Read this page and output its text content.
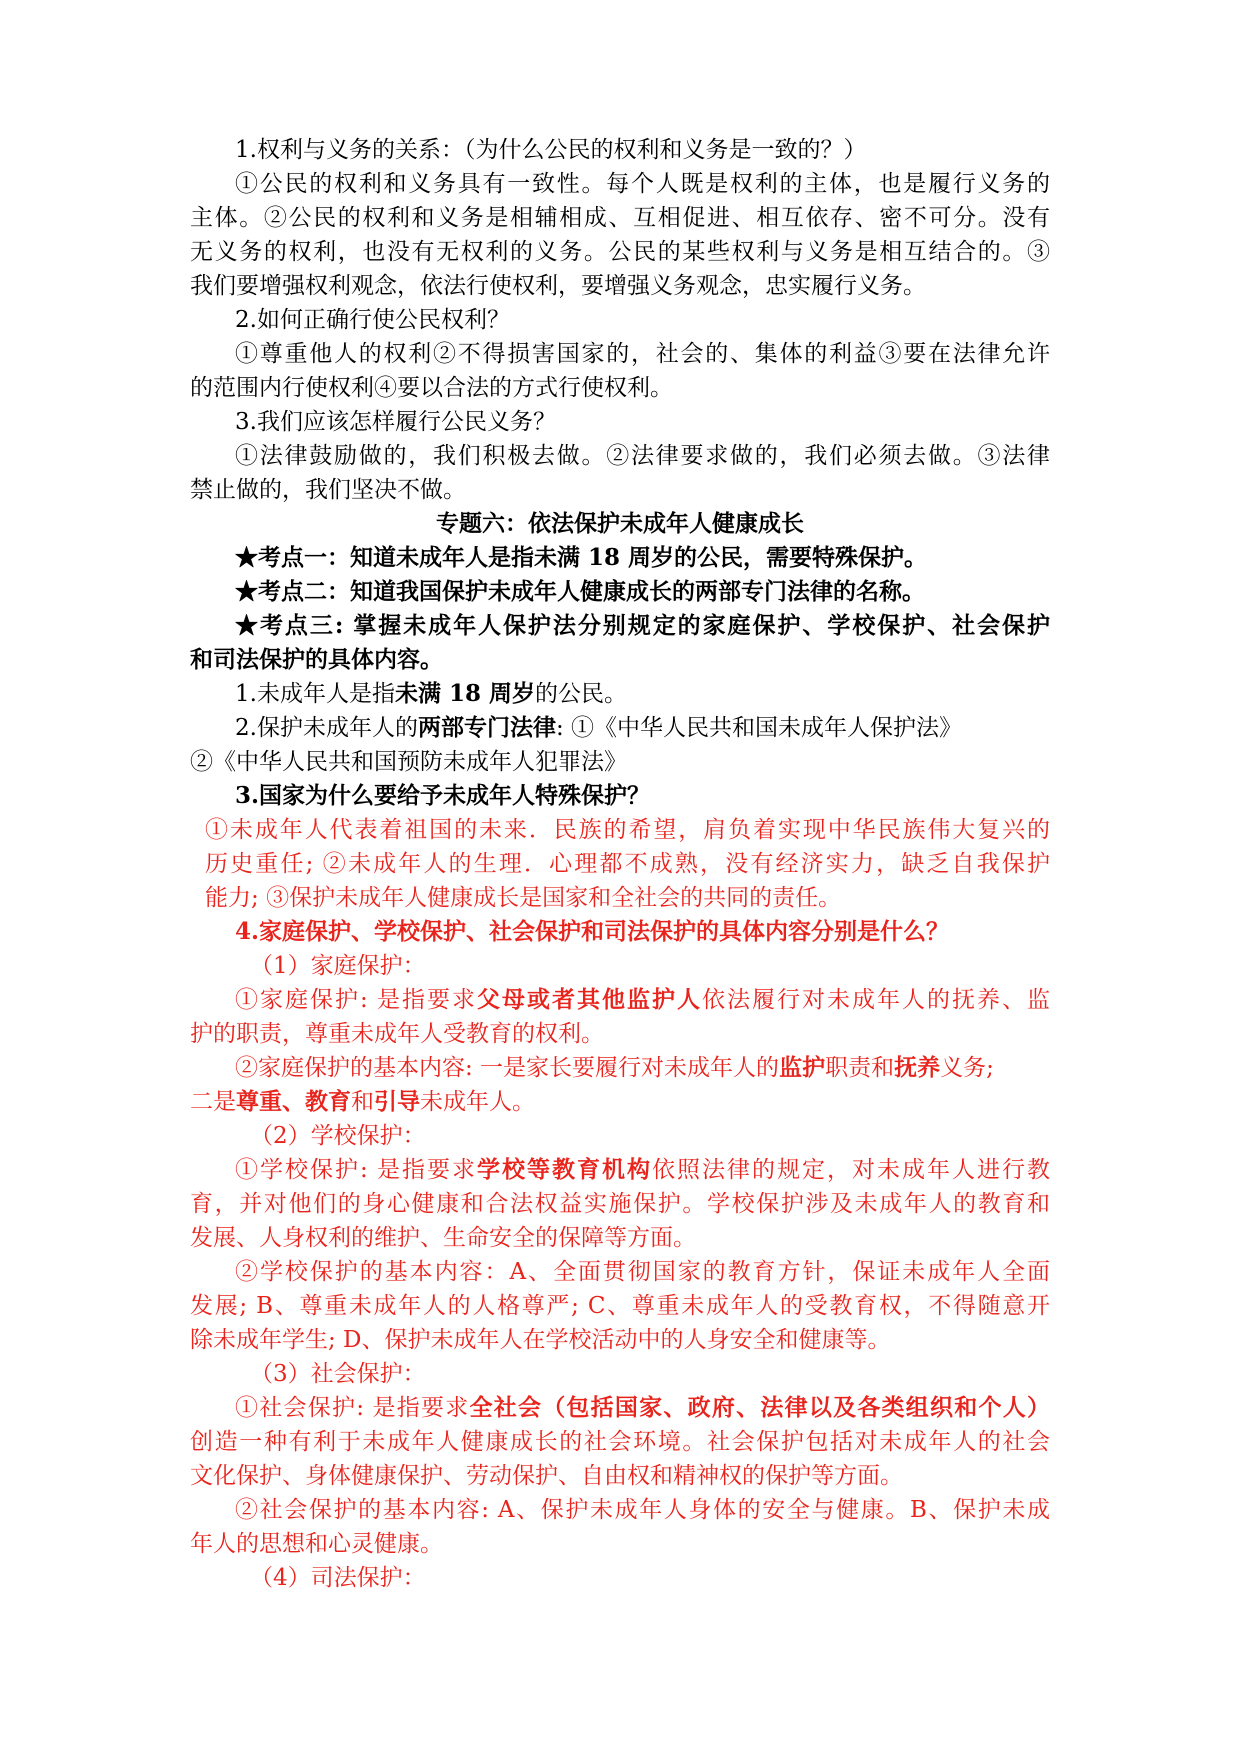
1.权利与义务的关系：（为什么公民的权利和义务是一致的？）
①公民的权利和义务具有一致性。每个人既是权利的主体，也是履行义务的
主体。②公民的权利和义务是相辅相成、互相促进、相互依存、密不可分。没有
无义务的权利，也没有无权利的义务。公民的某些权利与义务是相互结合的。③
我们要增强权利观念，依法行使权利，要增强义务观念，忠实履行义务。
2.如何正确行使公民权利？
①尊重他人的权利②不得损害国家的，社会的、集体的利益③要在法律允许
的范围内行使权利④要以合法的方式行使权利。
3.我们应该怎样履行公民义务？
①法律鼓励做的，我们积极去做。②法律要求做的，我们必须去做。③法律
禁止做的，我们坚决不做。
专题六：依法保护未成年人健康成长
★考点一：知道未成年人是指未满 18 周岁的公民，需要特殊保护。
★考点二：知道我国保护未成年人健康成长的两部专门法律的名称。
★考点三: 掌握未成年人保护法分别规定的家庭保护、学校保护、社会保护
和司法保护的具体内容。
1.未成年人是指未满 18 周岁的公民。
2.保护未成年人的两部专门法律: ①《中华人民共和国未成年人保护法》
②《中华人民共和国预防未成年人犯罪法》
3.国家为什么要给予未成年人特殊保护？
①未成年人代表着祖国的未来．民族的希望，肩负着实现中华民族伟大复兴的
历史重任; ②未成年人的生理．心理都不成熟，没有经济实力，缺乏自我保护
能力; ③保护未成年人健康成长是国家和全社会的共同的责任。
4.家庭保护、学校保护、社会保护和司法保护的具体内容分别是什么？
（1）家庭保护：
①家庭保护: 是指要求父母或者其他监护人依法履行对未成年人的抚养、监
护的职责，尊重未成年人受教育的权利。
②家庭保护的基本内容: 一是家长要履行对未成年人的监护职责和抚养义务;
二是尊重、教育和引导未成年人。
（2）学校保护：
①学校保护: 是指要求学校等教育机构依照法律的规定，对未成年人进行教
育，并对他们的身心健康和合法权益实施保护。学校保护涉及未成年人的教育和
发展、人身权利的维护、生命安全的保障等方面。
②学校保护的基本内容：A、全面贯彻国家的教育方针，保证未成年人全面
发展; B、尊重未成年人的人格尊严; C、尊重未成年人的受教育权，不得随意开
除未成年学生; D、保护未成年人在学校活动中的人身安全和健康等。
（3）社会保护：
①社会保护: 是指要求全社会（包括国家、政府、法律以及各类组织和个人）
创造一种有利于未成年人健康成长的社会环境。社会保护包括对未成年人的社会
文化保护、身体健康保护、劳动保护、自由权和精神权的保护等方面。
②社会保护的基本内容: A、保护未成年人身体的安全与健康。B、保护未成
年人的思想和心灵健康。
（4）司法保护：
